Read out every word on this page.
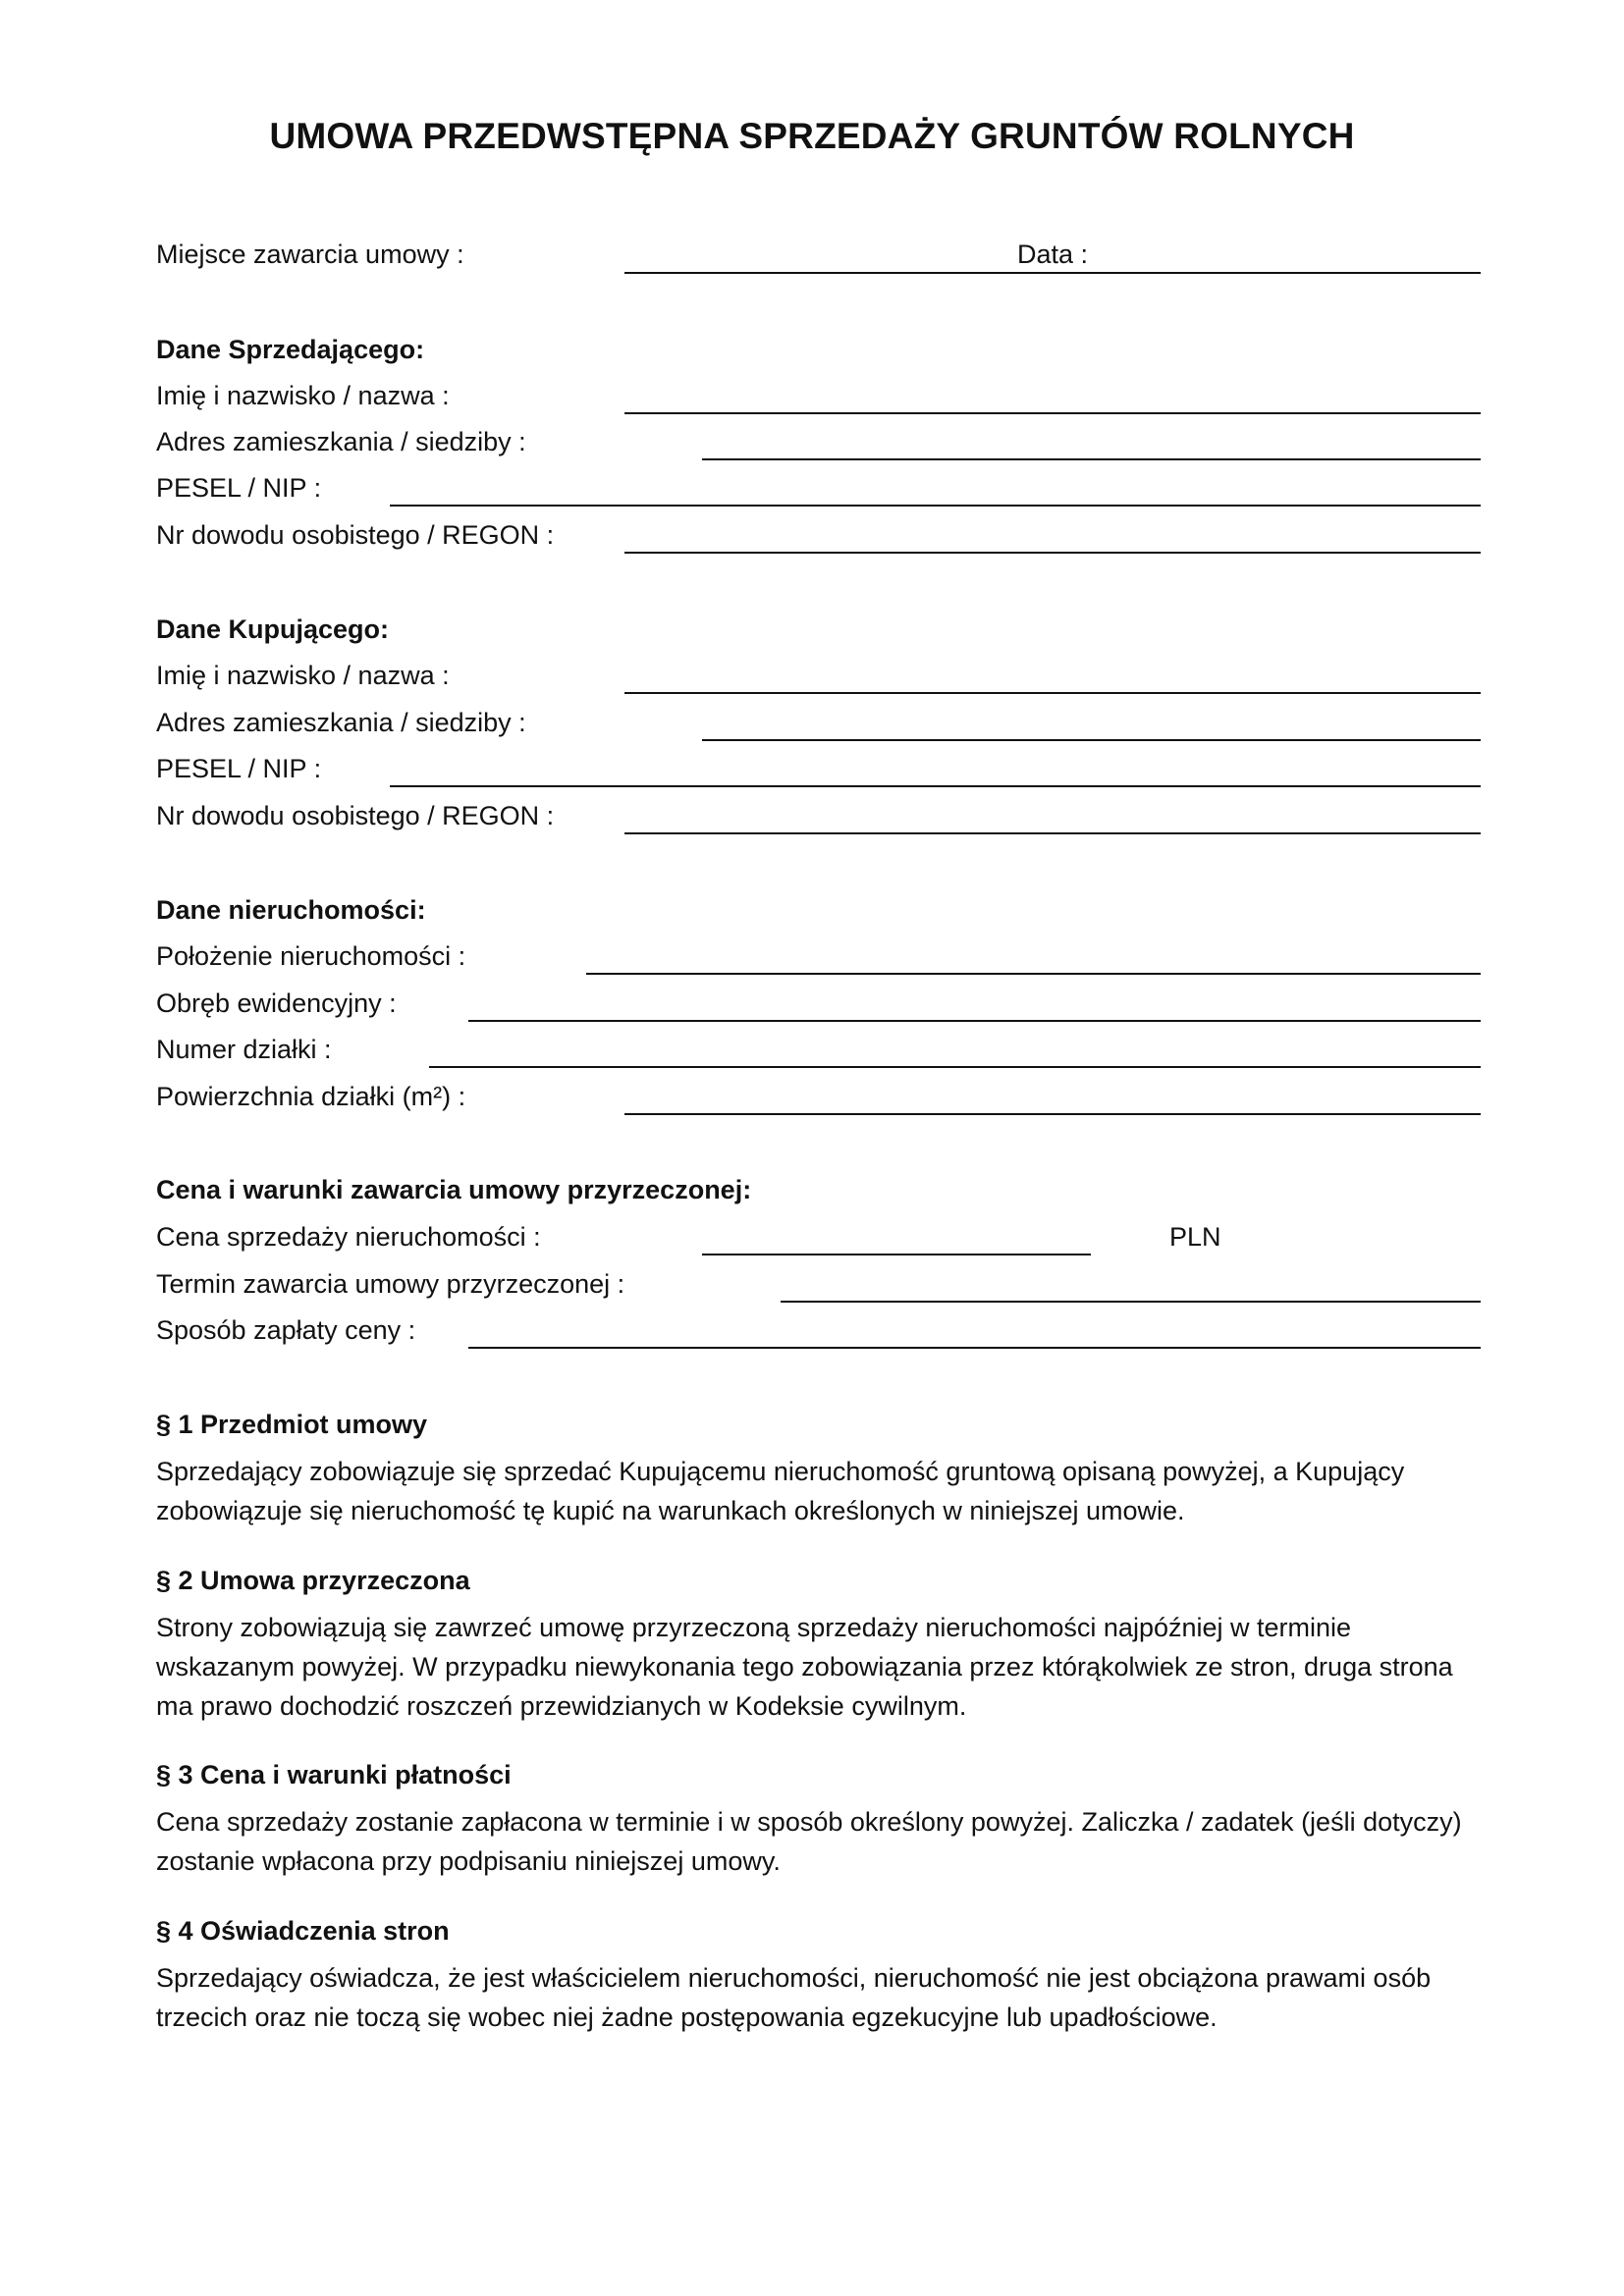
UMOWA PRZEDWSTĘPNA SPRZEDAŻY GRUNTÓW ROLNYCH
Miejsce zawarcia umowy :	Data :
Dane Sprzedającego:
Imię i nazwisko / nazwa :
Adres zamieszkania / siedziby :
PESEL / NIP :
Nr dowodu osobistego / REGON :
Dane Kupującego:
Imię i nazwisko / nazwa :
Adres zamieszkania / siedziby :
PESEL / NIP :
Nr dowodu osobistego / REGON :
Dane nieruchomości:
Położenie nieruchomości :
Obręb ewidencyjny :
Numer działki :
Powierzchnia działki (m²) :
Cena i warunki zawarcia umowy przyrzeczonej:
Cena sprzedaży nieruchomości :	PLN
Termin zawarcia umowy przyrzeczonej :
Sposób zapłaty ceny :
§ 1 Przedmiot umowy

Sprzedający zobowiązuje się sprzedać Kupującemu nieruchomość gruntową opisaną powyżej, a Kupujący zobowiązuje się nieruchomość tę kupić na warunkach określonych w niniejszej umowie.

§ 2 Umowa przyrzeczona

Strony zobowiązują się zawrzeć umowę przyrzeczoną sprzedaży nieruchomości najpóźniej w terminie wskazanym powyżej. W przypadku niewykonania tego zobowiązania przez którąkolwiek ze stron, druga strona ma prawo dochodzić roszczeń przewidzianych w Kodeksie cywilnym.

§ 3 Cena i warunki płatności

Cena sprzedaży zostanie zapłacona w terminie i w sposób określony powyżej. Zaliczka / zadatek (jeśli dotyczy) zostanie wpłacona przy podpisaniu niniejszej umowy.

§ 4 Oświadczenia stron

Sprzedający oświadcza, że jest właścicielem nieruchomości, nieruchomość nie jest obciążona prawami osób trzecich oraz nie toczą się wobec niej żadne postępowania egzekucyjne lub upadłościowe.
